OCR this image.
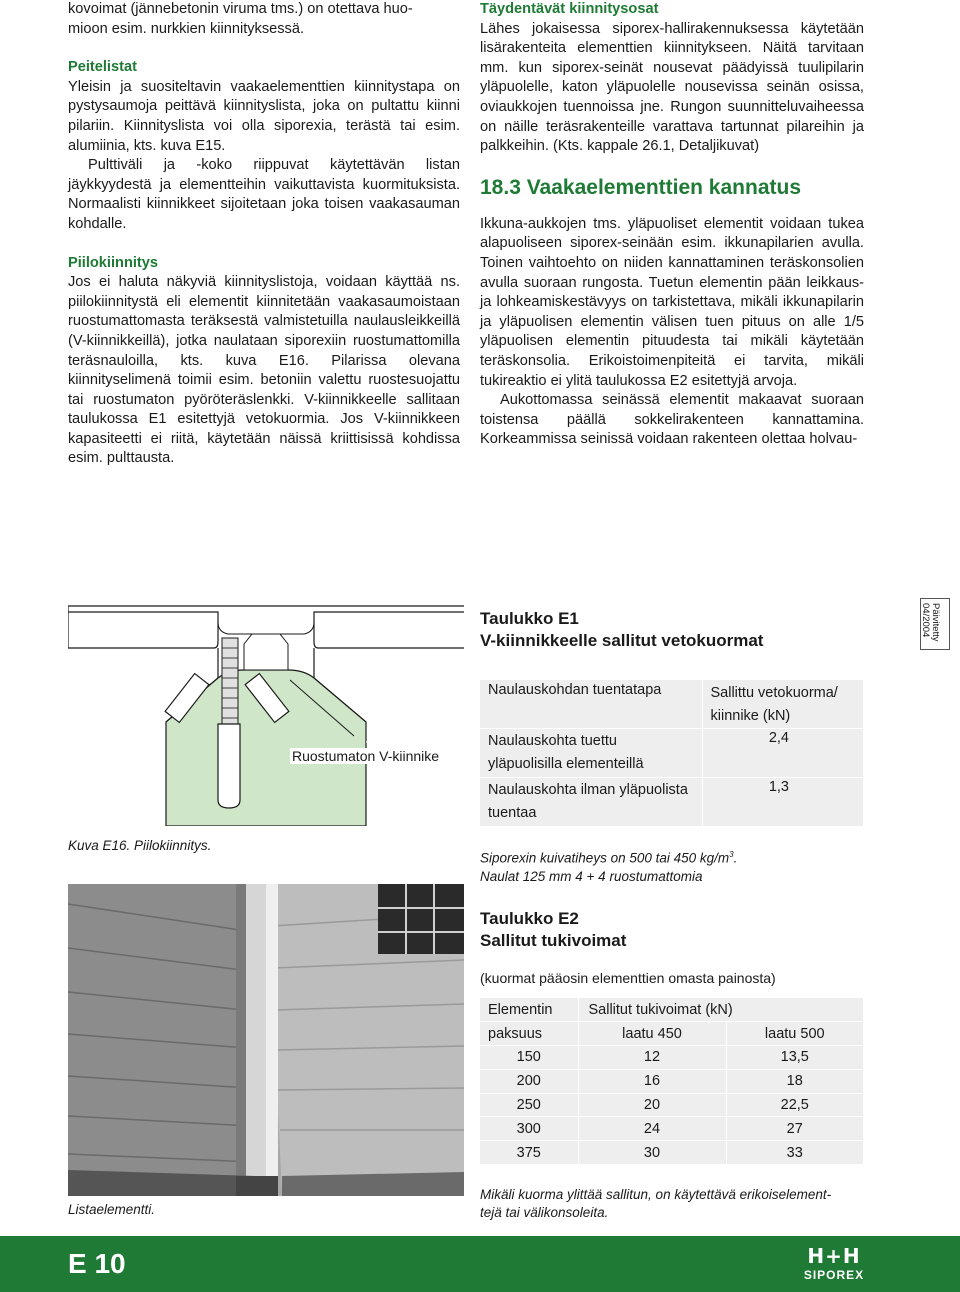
kovoimat (jännebetonin viruma tms.) on otettava huo-
mioon esim. nurkkien kiinnityksessä.
Peitelistat

Yleisin ja suositeltavin vaakaelementtien kiinnitystapa on pystysaumoja peittävä kiinnityslista, joka on pultattu kiinni pilariin. Kiinnityslista voi olla siporexia, terästä tai esim. alumiinia, kts. kuva E15.

Pulttiväli ja -koko riippuvat käytettävän listan jäykkyydestä ja elementteihin vaikuttavista kuormituksista. Normaalisti kiinnikkeet sijoitetaan joka toisen vaakasauman kohdalle.

Piilokiinnitys

Jos ei haluta näkyviä kiinnityslistoja, voidaan käyttää ns. piilokiinnitystä eli elementit kiinnitetään vaakasaumoistaan ruostumattomasta teräksestä valmistetuilla naulausleikkeillä (V-kiinnikkeillä), jotka naulataan siporexiin ruostumattomilla teräsnauloilla, kts. kuva E16. Pilarissa olevana kiinnityselimenä toimii esim. betoniin valettu ruostesuojattu tai ruostumaton pyöröteräslenkki. V-kiinnikkeelle sallitaan taulukossa E1 esitettyjä vetokuormia. Jos V-kiinnikkeen kapasiteetti ei riitä, käytetään näissä kriittisissä kohdissa esim. pulttausta.

Täydentävät kiinnitysosat

Lähes jokaisessa siporex-hallirakennuksessa käytetään lisärakenteita elementtien kiinnitykseen. Näitä tarvitaan mm. kun siporex-seinät nousevat päädyissä tuulipilarin yläpuolelle, katon yläpuolelle nousevissa seinän osissa, oviaukkojen tuennoissa jne. Rungon suunnitteluvaiheessa on näille teräsrakenteille varattava tartunnat pilareihin ja palkkeihin. (Kts. kappale 26.1, Detaljikuvat)

18.3 Vaakaelementtien kannatus

Ikkuna-aukkojen tms. yläpuoliset elementit voidaan tukea alapuoliseen siporex-seinään esim. ikkunapilarien avulla. Toinen vaihtoehto on niiden kannattaminen teräskonsolien avulla suoraan rungosta. Tuetun elementin pään leikkaus- ja lohkeamiskestävyys on tarkistettava, mikäli ikkunapilarin ja yläpuolisen elementin välisen tuen pituus on alle 1/5 yläpuolisen elementin pituudesta tai mikäli käytetään teräskonsolia. Erikoistoimenpiteitä ei tarvita, mikäli tukireaktio ei ylitä taulukossa E2 esitettyjä arvoja.

Aukottomassa seinässä elementit makaavat suoraan toistensa päällä sokkelirakenteen kannattamina. Korkeammissa seinissä voidaan rakenteen olettaa holvau-

Ruostumaton V-kiinnike
Kuva E16. Piilokiinnitys.
Listaelementti.
Päivitetty
04/2004
Taulukko E1
V-kiinnikkeelle sallitut vetokuormat
Naulauskohdan tuentatapa	Sallittu vetokuorma/ kiinnike (kN)

Naulauskohta tuettu yläpuolisilla elementeillä	2,4
Naulauskohta ilman yläpuolista tuentaa	1,3
Siporexin kuivatiheys on 500 tai 450 $kg/m^3$.
Naulat 125 mm 4 + 4 ruostumattomia
Taulukko E2
Sallitut tukivoimat
(kuormat pääosin elementtien omasta painosta)
Elementin	Sallitut tukivoimat (kN)	
paksuus	laatu 450	laatu 500
150	12	13,5
200	16	18
250	20	22,5
300	24	27
375	30	33
Mikäli kuorma ylittää sallitun, on käytettävä erikoiselement-
tejä tai välikonsoleita.
E 10	H+H
SIPOREX
